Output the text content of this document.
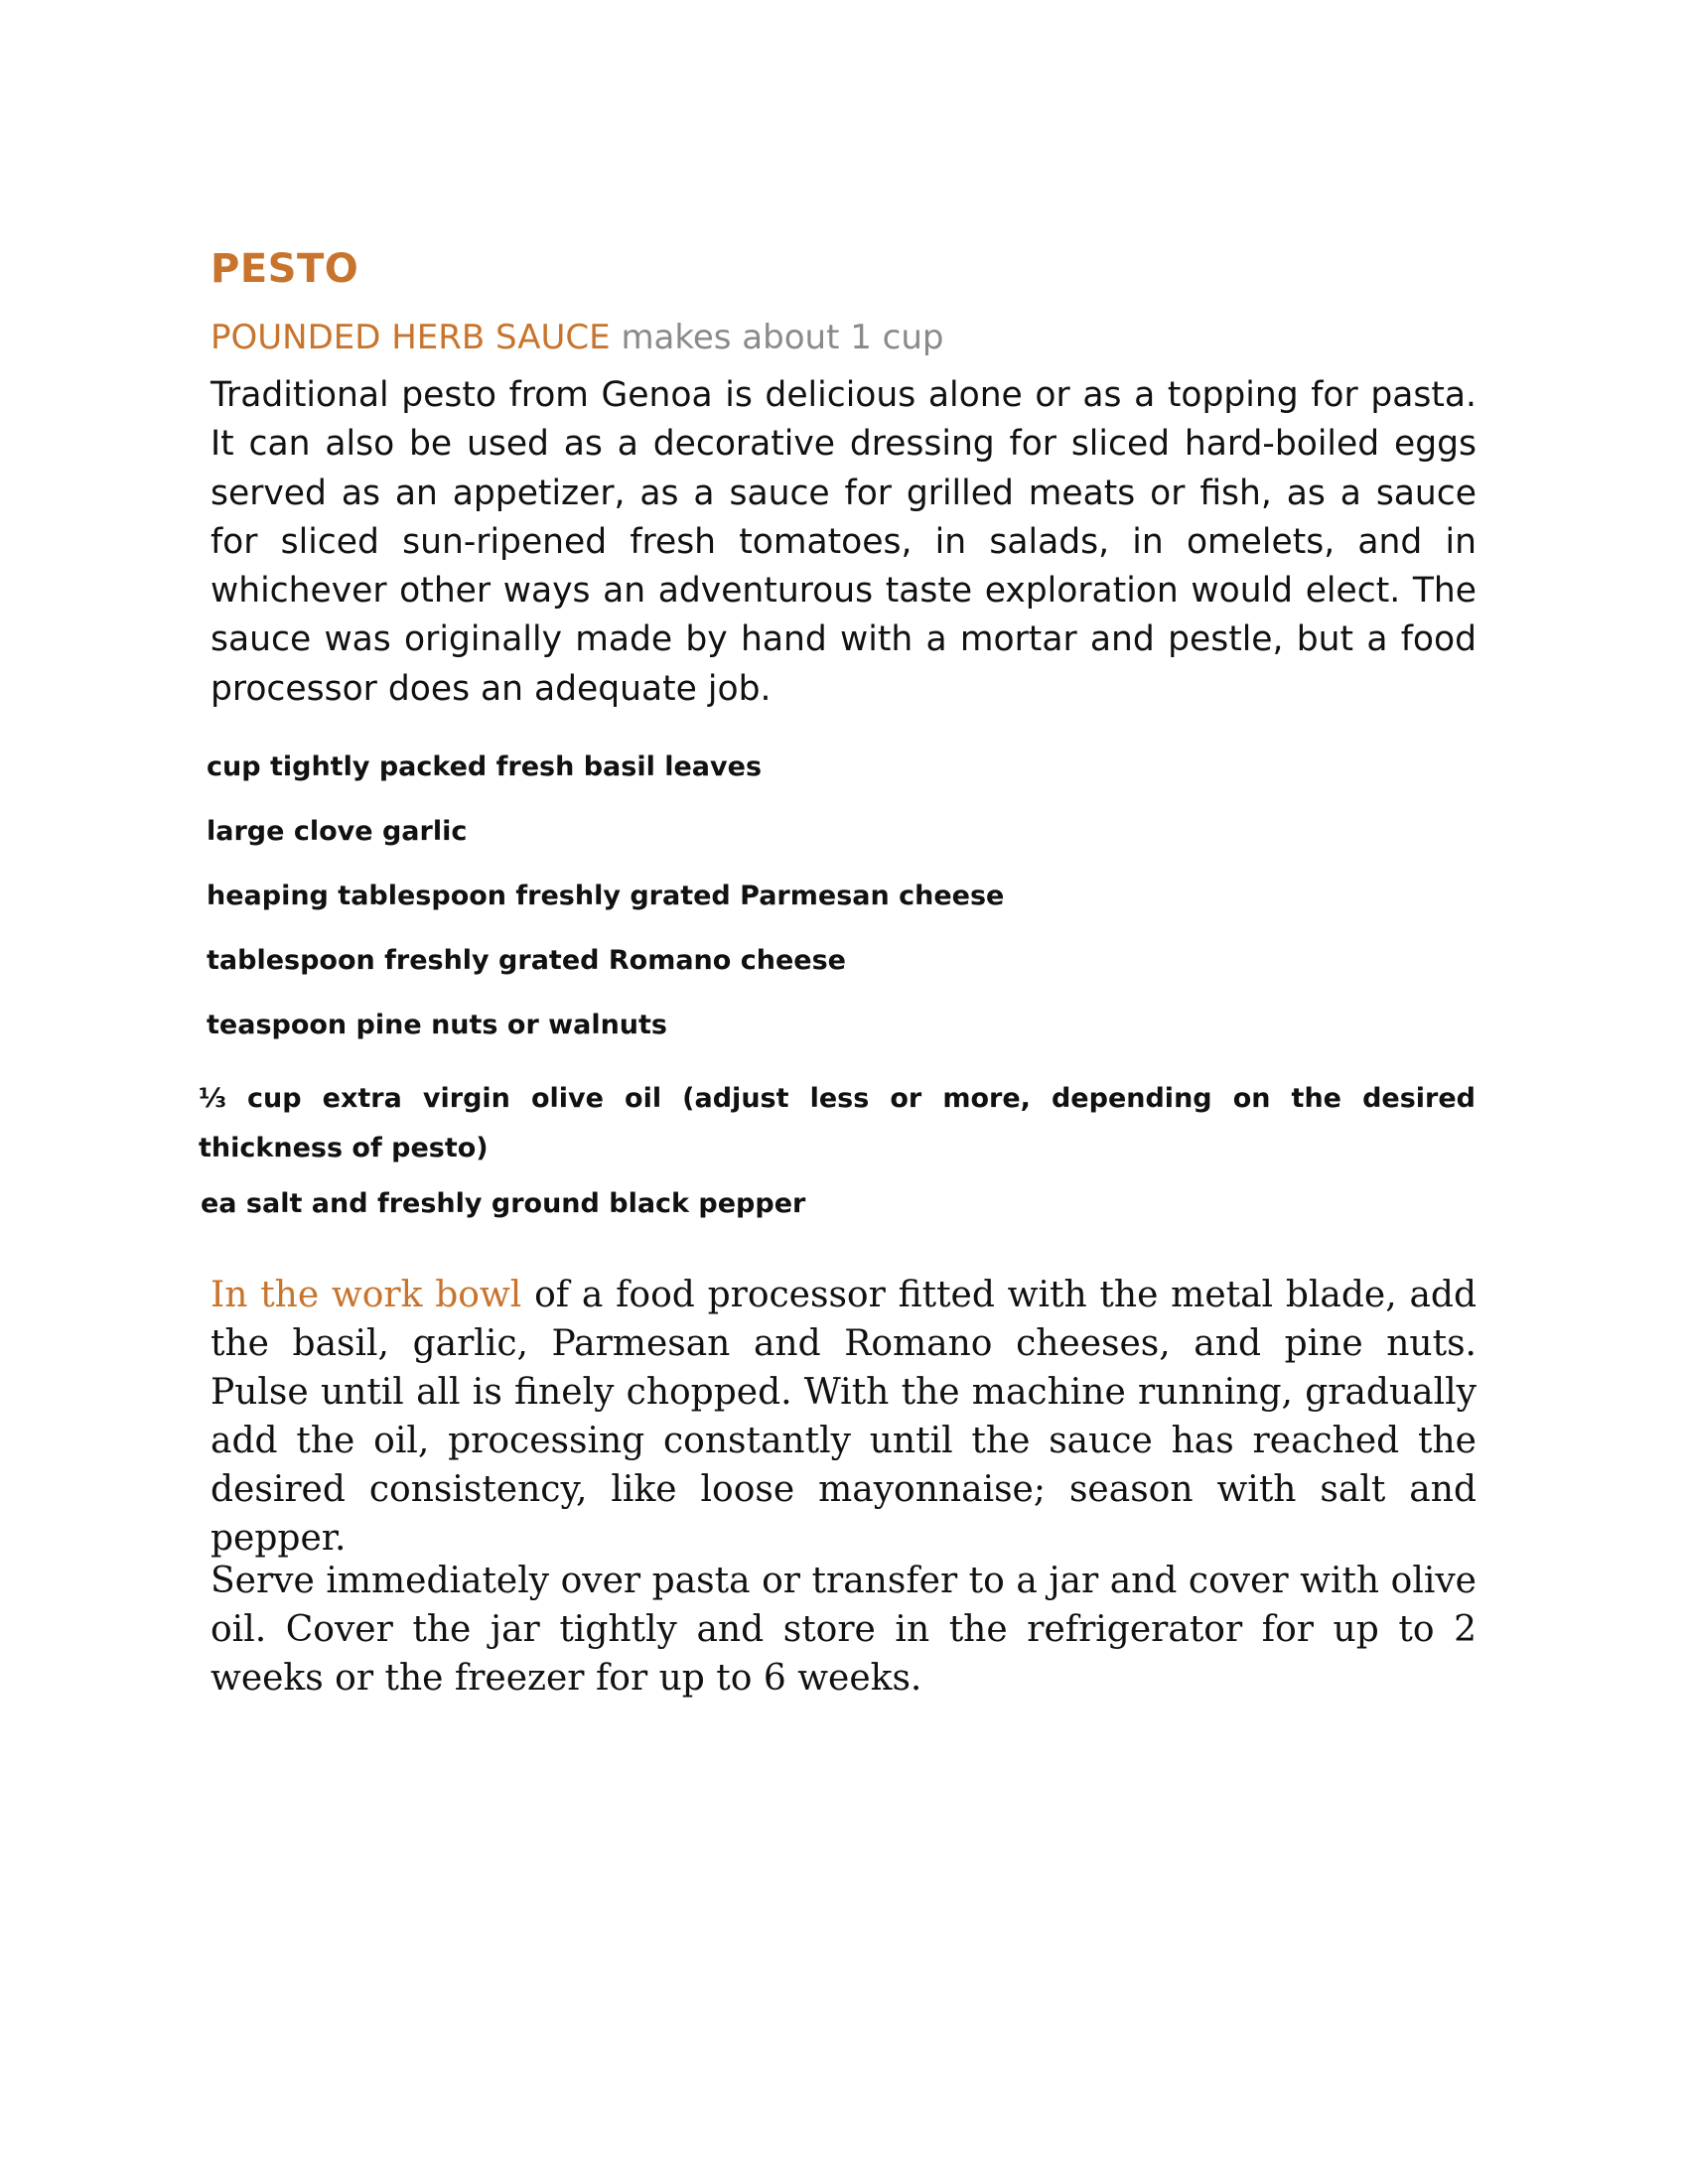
PESTO

POUNDED HERB SAUCE makes about 1 cup

Traditional pesto from Genoa is delicious alone or as a topping for pasta. It can also be used as a decorative dressing for sliced hard-boiled eggs served as an appetizer, as a sauce for grilled meats or fish, as a sauce for sliced sun-ripened fresh tomatoes, in salads, in omelets, and in whichever other ways an adventurous taste exploration would elect. The sauce was originally made by hand with a mortar and pestle, but a food processor does an adequate job.

cup tightly packed fresh basil leaves
large clove garlic
heaping tablespoon freshly grated Parmesan cheese
tablespoon freshly grated Romano cheese
teaspoon pine nuts or walnuts
⅓ cup extra virgin olive oil (adjust less or more, depending on the desired thickness of pesto)
ea salt and freshly ground black pepper

In the work bowl of a food processor fitted with the metal blade, add the basil, garlic, Parmesan and Romano cheeses, and pine nuts. Pulse until all is finely chopped. With the machine running, gradually add the oil, processing constantly until the sauce has reached the desired consistency, like loose mayonnaise; season with salt and pepper.

Serve immediately over pasta or transfer to a jar and cover with olive oil. Cover the jar tightly and store in the refrigerator for up to 2 weeks or the freezer for up to 6 weeks.
